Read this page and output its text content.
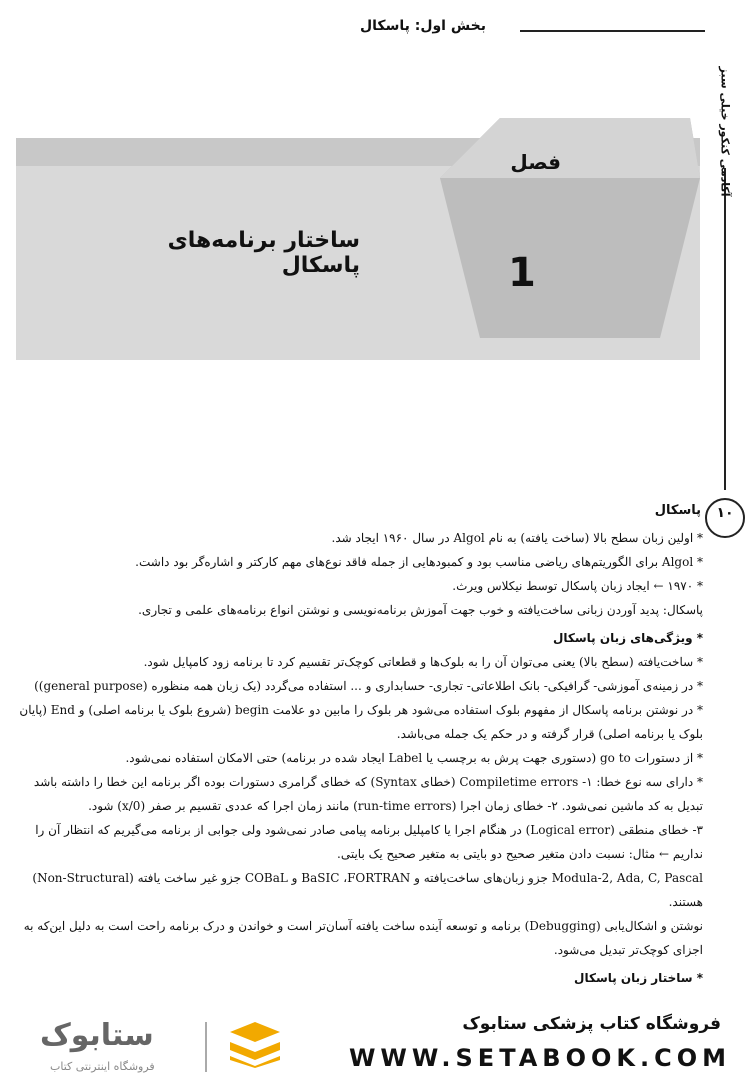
بخش اول: پاسکال
آکادمی کنکور خیلی سبز
فصل
ساختار برنامه‌های پاسکال	1
۱۰
پاسکال

* اولین زبان سطح بالا (ساخت یافته) به نام Algol در سال ۱۹۶۰ ایجاد شد.

* Algol برای الگوریتم‌های ریاضی مناسب بود و کمبودهایی از جمله فاقد نوع‌های مهم کارکتر و اشاره‌گر بود داشت.

* ۱۹۷۰ ← ایجاد زبان پاسکال توسط نیکلاس ویرث.

پاسکال: پدید آوردن زبانی ساخت‌یافته و خوب جهت آموزش برنامه‌نویسی و نوشتن انواع برنامه‌های علمی و تجاری.

* ویژگی‌های زبان پاسکال

* ساخت‌یافته (سطح بالا) یعنی می‌توان آن را به بلوک‌ها و قطعاتی کوچک‌تر تقسیم کرد تا برنامه زود کامپایل شود.

* در زمینه‌ی آموزشی- گرافیکی- بانک اطلاعاتی- تجاری- حسابداری و ... استفاده می‌گردد (یک زبان همه منظوره (general purpose))

* در نوشتن برنامه پاسکال از مفهوم بلوک استفاده می‌شود هر بلوک را مابین دو علامت begin (شروع بلوک یا برنامه اصلی) و End (پایان بلوک یا برنامه اصلی) قرار گرفته و در حکم یک جمله می‌باشد.

* از دستورات go to (دستوری جهت پرش به برچسب یا Label ایجاد شده در برنامه) حتی الامکان استفاده نمی‌شود.

* دارای سه نوع خطا: ۱- Compiletime errors (خطای Syntax) که خطای گرامری دستورات بوده اگر برنامه این خطا را داشته باشد تبدیل به کد ماشین نمی‌شود. ۲- خطای زمان اجرا (run-time errors) مانند زمان اجرا که عددی تقسیم بر صفر (x/0) شود.

۳- خطای منطقی (Logical error) در هنگام اجرا یا کامپلیل برنامه پیامی صادر نمی‌شود ولی جوابی از برنامه می‌گیریم که انتظار آن را نداریم ← مثال: نسبت دادن متغیر صحیح دو بایتی به متغیر صحیح یک بایتی.

Modula-2, Ada, C, Pascal جزو زبان‌های ساخت‌یافته و BaSIC ،FORTRAN و COBaL جزو غیر ساخت یافته (Non-Structural) هستند.

نوشتن و اشکال‌یابی (Debugging) برنامه و توسعه آینده ساخت یافته آسان‌تر است و خواندن و درک برنامه راحت است به دلیل این‌که به اجزای کوچک‌تر تبدیل می‌شود.

* ساختار زبان پاسکال

فروشگاه کتاب پزشکی ستابوک
WWW.SETABOOK.COM
ستابوک
فروشگاه اینترنتی کتاب
